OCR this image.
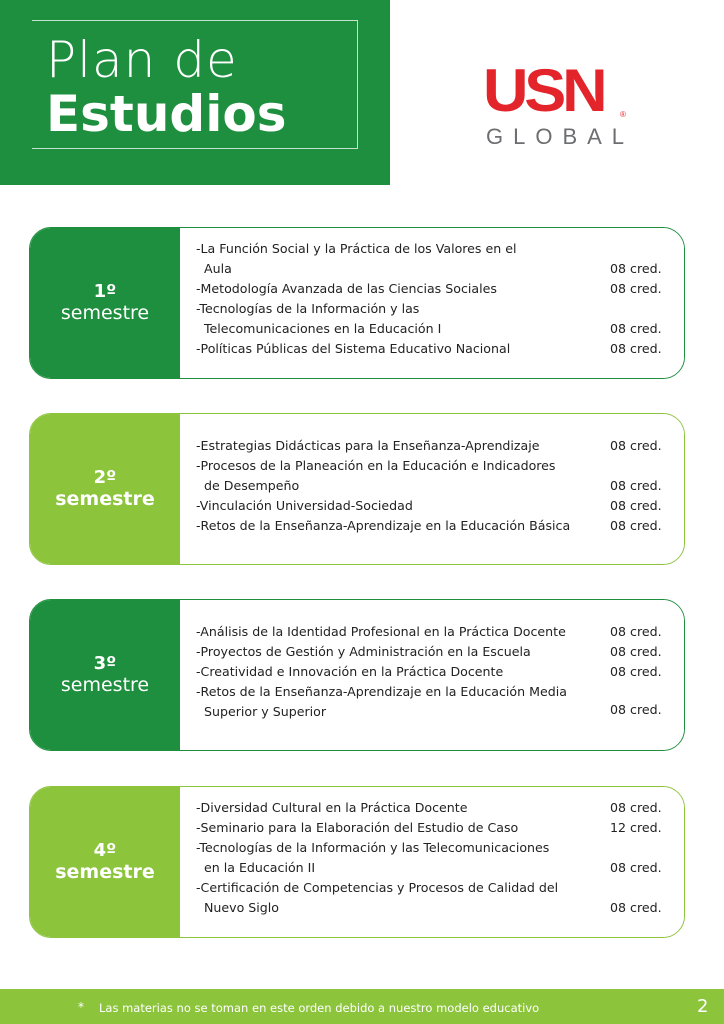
Plan de
Estudios	USN ®
GLOBAL
1º
semestre
-La Función Social y la Práctica de los Valores en el
Aula	08 cred.
-Metodología Avanzada de las Ciencias Sociales	08 cred.
-Tecnologías de la Información y las
Telecomunicaciones en la Educación I	08 cred.
-Políticas Públicas del Sistema Educativo Nacional	08 cred.
2º
semestre
-Estrategias Didácticas para la Enseñanza-Aprendizaje	08 cred.
-Procesos de la Planeación en la Educación e Indicadores
de Desempeño	08 cred.
-Vinculación Universidad-Sociedad	08 cred.
-Retos de la Enseñanza-Aprendizaje en la Educación Básica	08 cred.
3º
semestre
-Análisis de la Identidad Profesional en la Práctica Docente	08 cred.
-Proyectos de Gestión y Administración en la Escuela	08 cred.
-Creatividad e Innovación en la Práctica Docente	08 cred.
-Retos de la Enseñanza-Aprendizaje en la Educación Media
Superior y Superior	08 cred.
4º
semestre
-Diversidad Cultural en la Práctica Docente	08 cred.
-Seminario para la Elaboración del Estudio de Caso	12 cred.
-Tecnologías de la Información y las Telecomunicaciones
en la Educación II	08 cred.
-Certificación de Competencias y Procesos de Calidad del
Nuevo Siglo	08 cred.
* Las materias no se toman en este orden debido a nuestro modelo educativo	2
